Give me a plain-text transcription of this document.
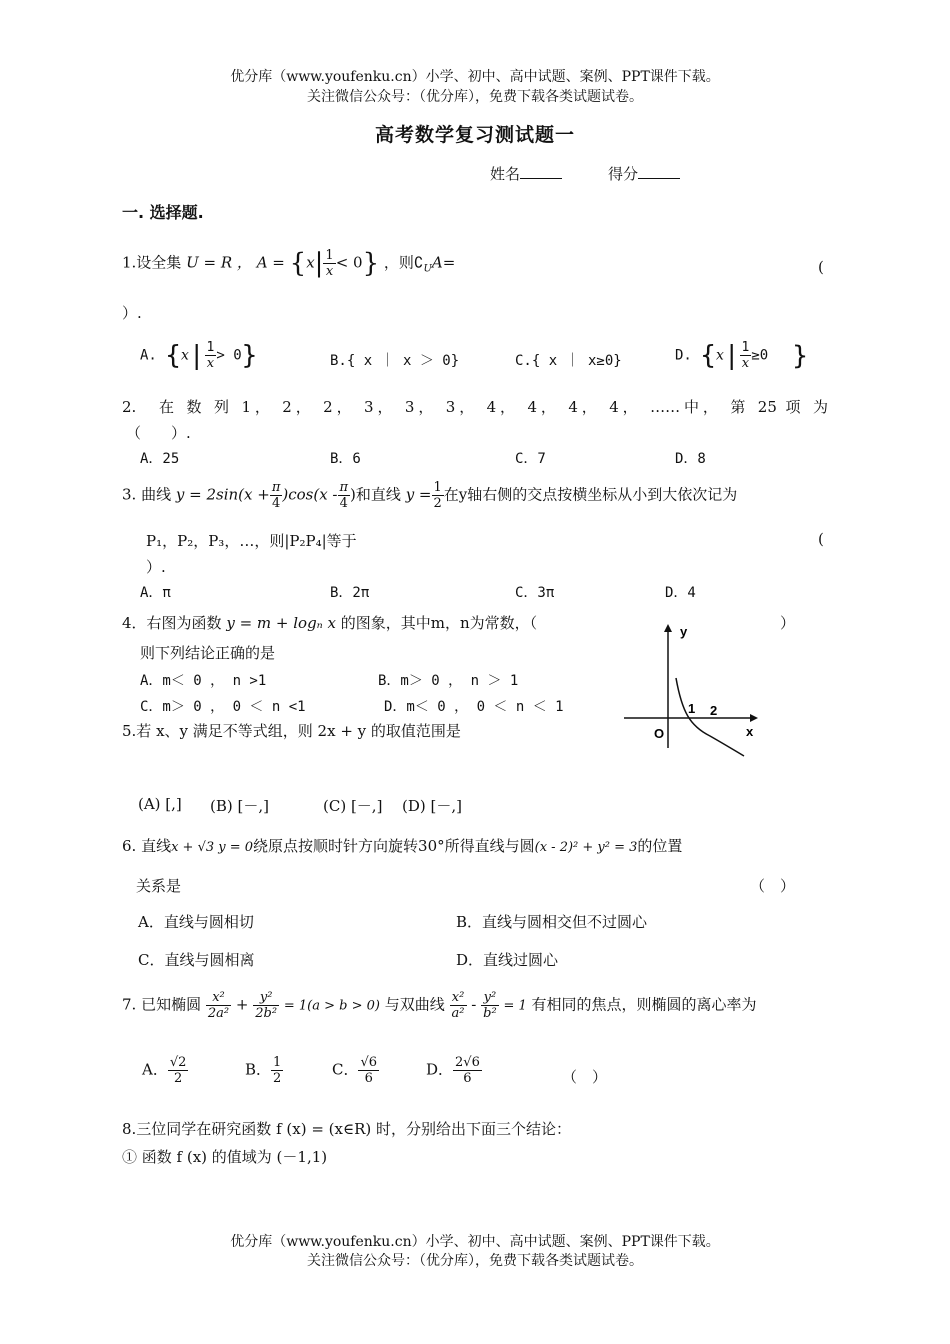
优分库（www.youfenku.cn）小学、初中、高中试题、案例、PPT课件下载。
关注微信公众号：（优分库），免费下载各类试题试卷。
高考数学复习测试题一
姓名	得分
一. 选择题.
1.设全集 U = R ， $A = \{x| \frac{1}{x} < 0\}$ ，则$∁_UA=$	(
）.
A. $\{x| \frac{1}{x} > 0\}$	B.{ x ｜ x ＞ 0}	C.{ x ｜ x≥0}	D. {$x| \frac{1}{x} \ge 0$ }
2.　在 数 列 1， 2， 2， 3， 3， 3， 4， 4， 4， 4， ……中， 第 25 项 为
（　　）.
A．25	B．6	C．7	D．8
3. 曲线 $y = 2\sin(x + \frac{\pi}{4} )\cos(x - \frac{\pi}{4}$ )和直线 $y = \frac{1}{2}$ 在y轴右侧的交点按横坐标从小到大依次记为
P₁，P₂，P₃，…，则|P₂P₄|等于	(
）.
A．π	B．2π	C．3π	D．4
4．右图为函数 y = m + logₙ x 的图象，其中m，n为常数，（	）
则下列结论正确的是
A．m＜ 0 ， n >1	B．m＞ 0 ， n ＞ 1
C．m＞ 0 ， 0 ＜ n <1	D．m＜ 0 ， 0 ＜ n ＜ 1
y
x
O
1 2
5.若 x、y 满足不等式组，则 2x + y 的取值范围是
(A) [,] (B) [－,]	(C) [－,] (D) [－,]
6. 直线x + √3 y = 0绕原点按顺时针方向旋转30°所得直线与圆(x - 2)² + y² = 3的位置
关系是	（　）
A．直线与圆相切	B．直线与圆相交但不过圆心
C．直线与圆相离	D．直线过圆心
7. 已知椭圆 $\frac{\text{x²}}{\text{2a²}} + \frac{\text{y²}}{\text{2b²}} = 1(a > b > 0)$ 与双曲线 $\frac{\text{x²}}{\text{a²}} - \frac{\text{y²}}{\text{b²}} = 1$ 有相同的焦点，则椭圆的离心率为
A． $\frac{√2}{2}$	B． $\frac{1}{2}$	C． $\frac{√6}{6}$	D． $\frac{2√6}{6}$	（　）
8.三位同学在研究函数 f (x) = (x∈R) 时，分别给出下面三个结论：
① 函数 f (x) 的值域为 (－1,1)
优分库（www.youfenku.cn）小学、初中、高中试题、案例、PPT课件下载。
关注微信公众号：（优分库），免费下载各类试题试卷。
